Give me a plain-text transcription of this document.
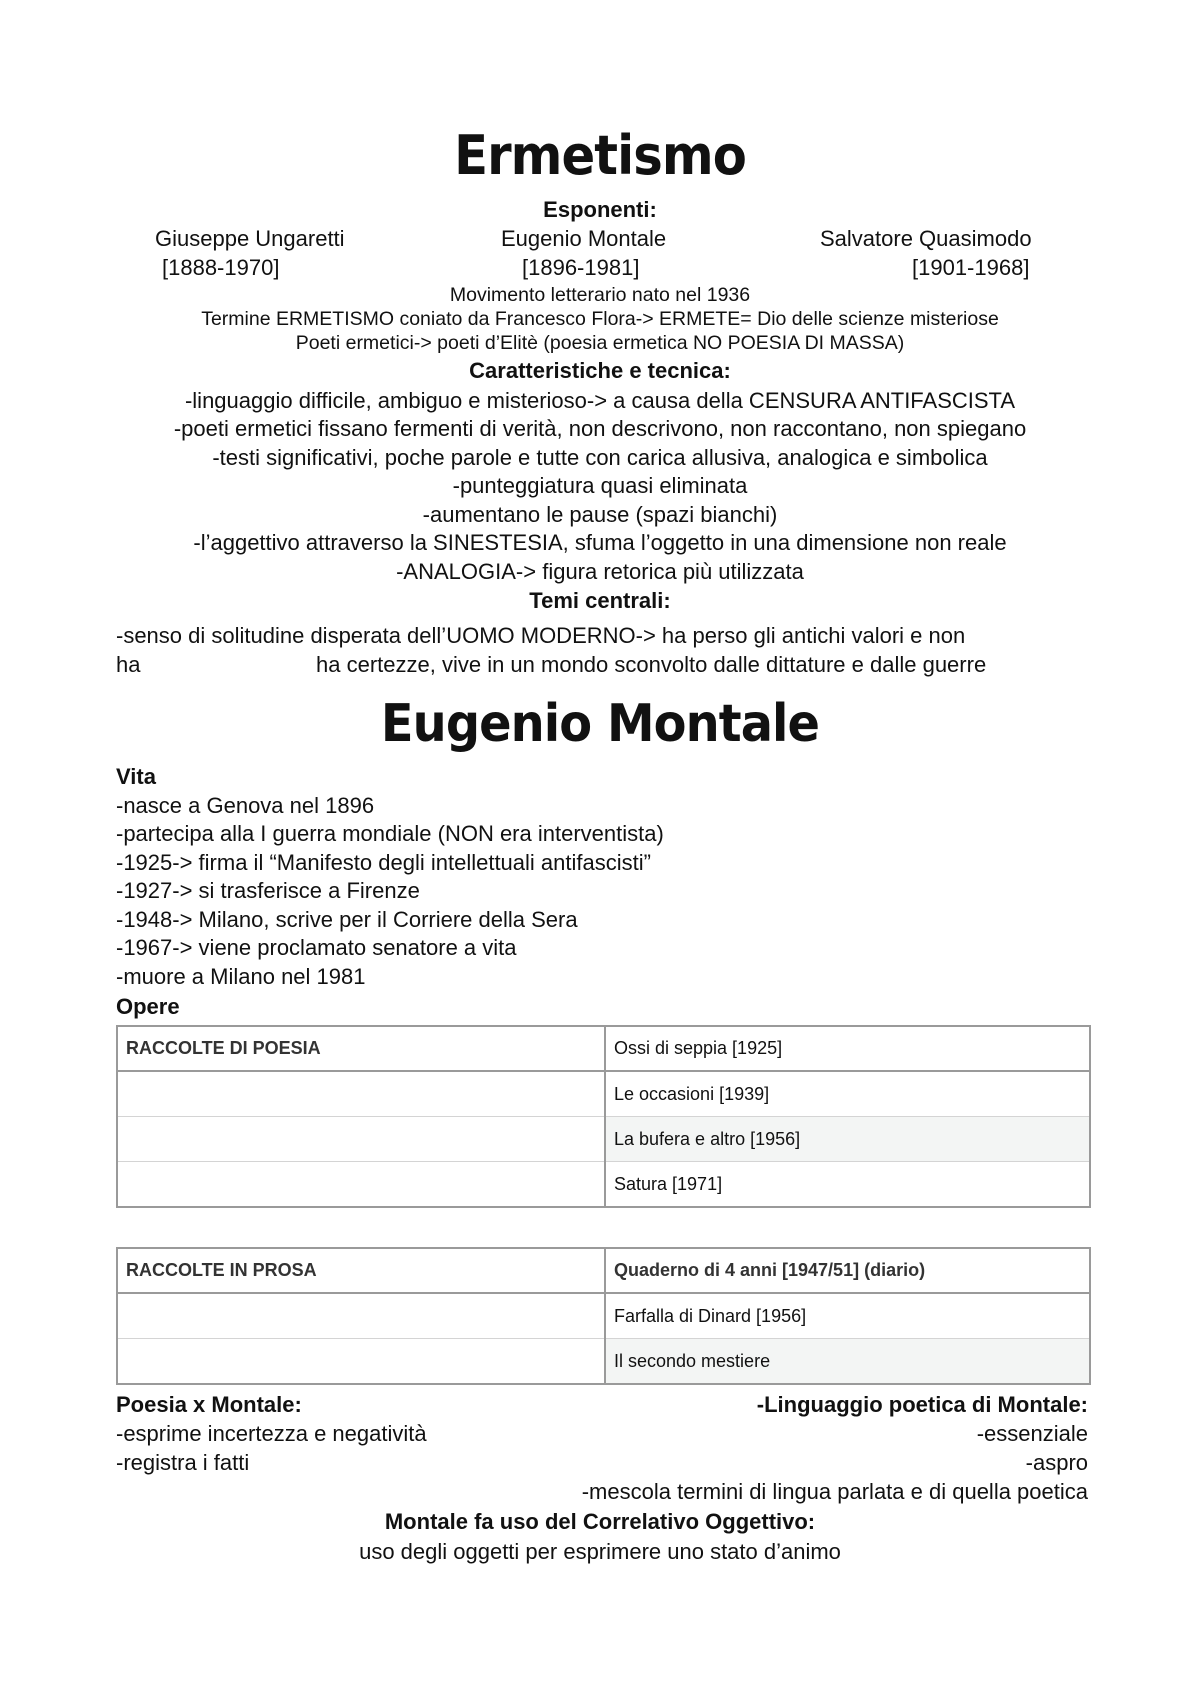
Ermetismo
Esponenti:
Giuseppe Ungaretti	Eugenio Montale	Salvatore Quasimodo
[1888-1970]	[1896-1981]	[1901-1968]
Movimento letterario nato nel 1936
Termine ERMETISMO coniato da Francesco Flora-> ERMETE= Dio delle scienze misteriose
Poeti ermetici-> poeti d’Elitè (poesia ermetica NO POESIA DI MASSA)
Caratteristiche e tecnica:
-linguaggio difficile, ambiguo e misterioso-> a causa della CENSURA ANTIFASCISTA
-poeti ermetici fissano fermenti di verità, non descrivono, non raccontano, non spiegano
-testi significativi, poche parole e tutte con carica allusiva, analogica e simbolica
-punteggiatura quasi eliminata
-aumentano le pause (spazi bianchi)
-l’aggettivo attraverso la SINESTESIA, sfuma l’oggetto in una dimensione non reale
-ANALOGIA-> figura retorica più utilizzata
Temi centrali:
-senso di solitudine disperata dell’UOMO MODERNO-> ha perso gli antichi valori e non
ha	ha certezze, vive in un mondo sconvolto dalle dittature e dalle guerre
Eugenio Montale
Vita
-nasce a Genova nel 1896
-partecipa alla I guerra mondiale (NON era interventista)
-1925-> firma il “Manifesto degli intellettuali antifascisti”
-1927-> si trasferisce a Firenze
-1948-> Milano, scrive per il Corriere della Sera
-1967-> viene proclamato senatore a vita
-muore a Milano nel 1981
Opere
RACCOLTE DI POESIA	Ossi di seppia [1925]
	Le occasioni [1939]
	La bufera e altro [1956]
	Satura [1971]
RACCOLTE IN PROSA	Quaderno di 4 anni [1947/51] (diario)
	Farfalla di Dinard [1956]
	Il secondo mestiere
Poesia x Montale:
-esprime incertezza e negatività
-registra i fatti
-Linguaggio poetica di Montale:
-essenziale
-aspro
-mescola termini di lingua parlata e di quella poetica
Montale fa uso del Correlativo Oggettivo:
uso degli oggetti per esprimere uno stato d’animo
